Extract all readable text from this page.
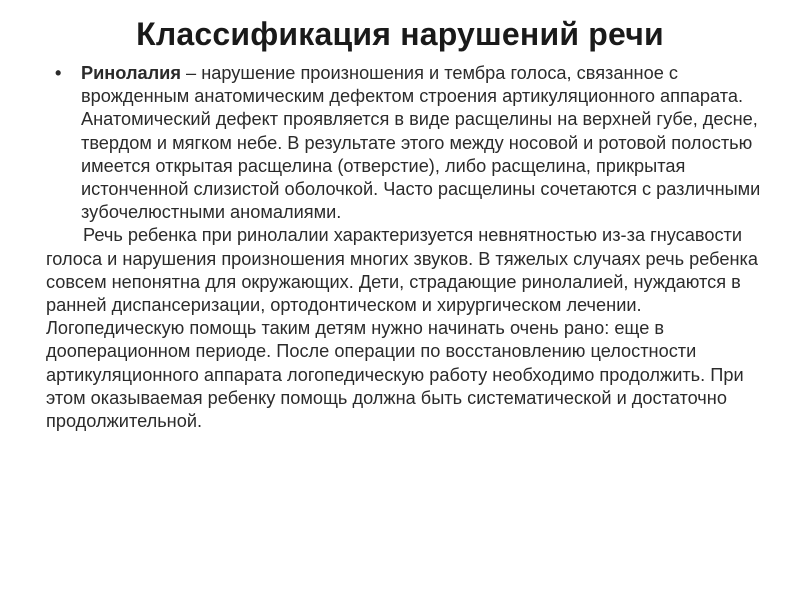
Классификация нарушений речи
• Ринолалия – нарушение произношения и тембра голоса, связанное с врожденным анатомическим дефектом строения артикуляционного аппарата. Анатомический дефект проявляется в виде расщелины на верхней губе, десне, твердом и мягком небе. В результате этого между носовой и ротовой полостью имеется открытая расщелина (отверстие), либо расщелина, прикрытая истонченной слизистой оболочкой. Часто расщелины сочетаются с различными зубочелюстными аномалиями.
Речь ребенка при ринолалии характеризуется невнятностью из-за гнусавости голоса и нарушения произношения многих звуков. В тяжелых случаях речь ребенка совсем непонятна для окружающих. Дети, страдающие ринолалией, нуждаются в ранней диспансеризации, ортодонтическом и хирургическом лечении. Логопедическую помощь таким детям нужно начинать очень рано: еще в дооперационном периоде. После операции по восстановлению целостности артикуляционного аппарата логопедическую работу необходимо продолжить. При этом оказываемая ребенку помощь должна быть систематической и достаточно продолжительной.
